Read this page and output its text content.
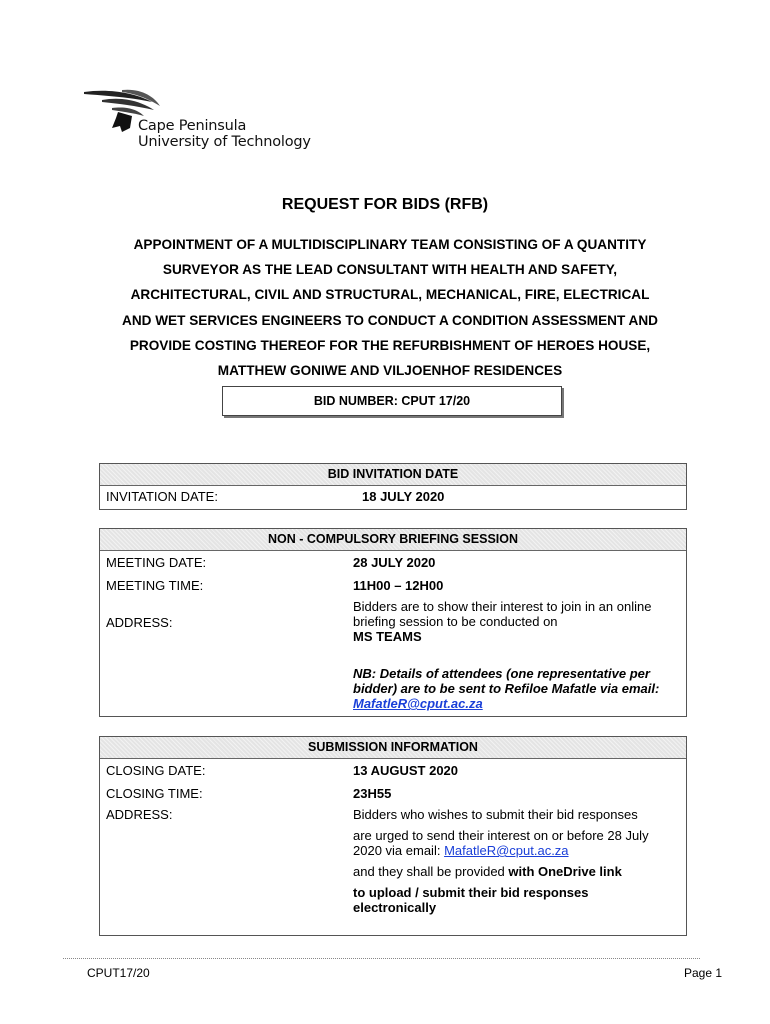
Cape Peninsula
University of Technology
REQUEST FOR BIDS (RFB)
APPOINTMENT OF A MULTIDISCIPLINARY TEAM CONSISTING OF A QUANTITY
SURVEYOR AS THE LEAD CONSULTANT WITH HEALTH AND SAFETY,
ARCHITECTURAL, CIVIL AND STRUCTURAL, MECHANICAL, FIRE, ELECTRICAL
AND WET SERVICES ENGINEERS TO CONDUCT A CONDITION ASSESSMENT AND
PROVIDE COSTING THEREOF FOR THE REFURBISHMENT OF HEROES HOUSE,
MATTHEW GONIWE AND VILJOENHOF RESIDENCES
BID NUMBER: CPUT 17/20
BID INVITATION DATE
INVITATION DATE:	18 JULY 2020
NON - COMPULSORY BRIEFING SESSION
MEETING DATE:	28 JULY 2020
MEETING TIME:	11H00 – 12H00
ADDRESS:
Bidders are to show their interest to join in an online briefing session to be conducted on
MS TEAMS
NB: Details of attendees (one representative per bidder) are to be sent to Refiloe Mafatle via email: MafatleR@cput.ac.za
SUBMISSION INFORMATION
CLOSING DATE:	13 AUGUST 2020
CLOSING TIME:	23H55
ADDRESS:	Bidders who wishes to submit their bid responses
are urged to send their interest on or before 28 July 2020 via email: MafatleR@cput.ac.za
and they shall be provided with OneDrive link
to upload / submit their bid responses electronically
CPUT17/20	Page 1
